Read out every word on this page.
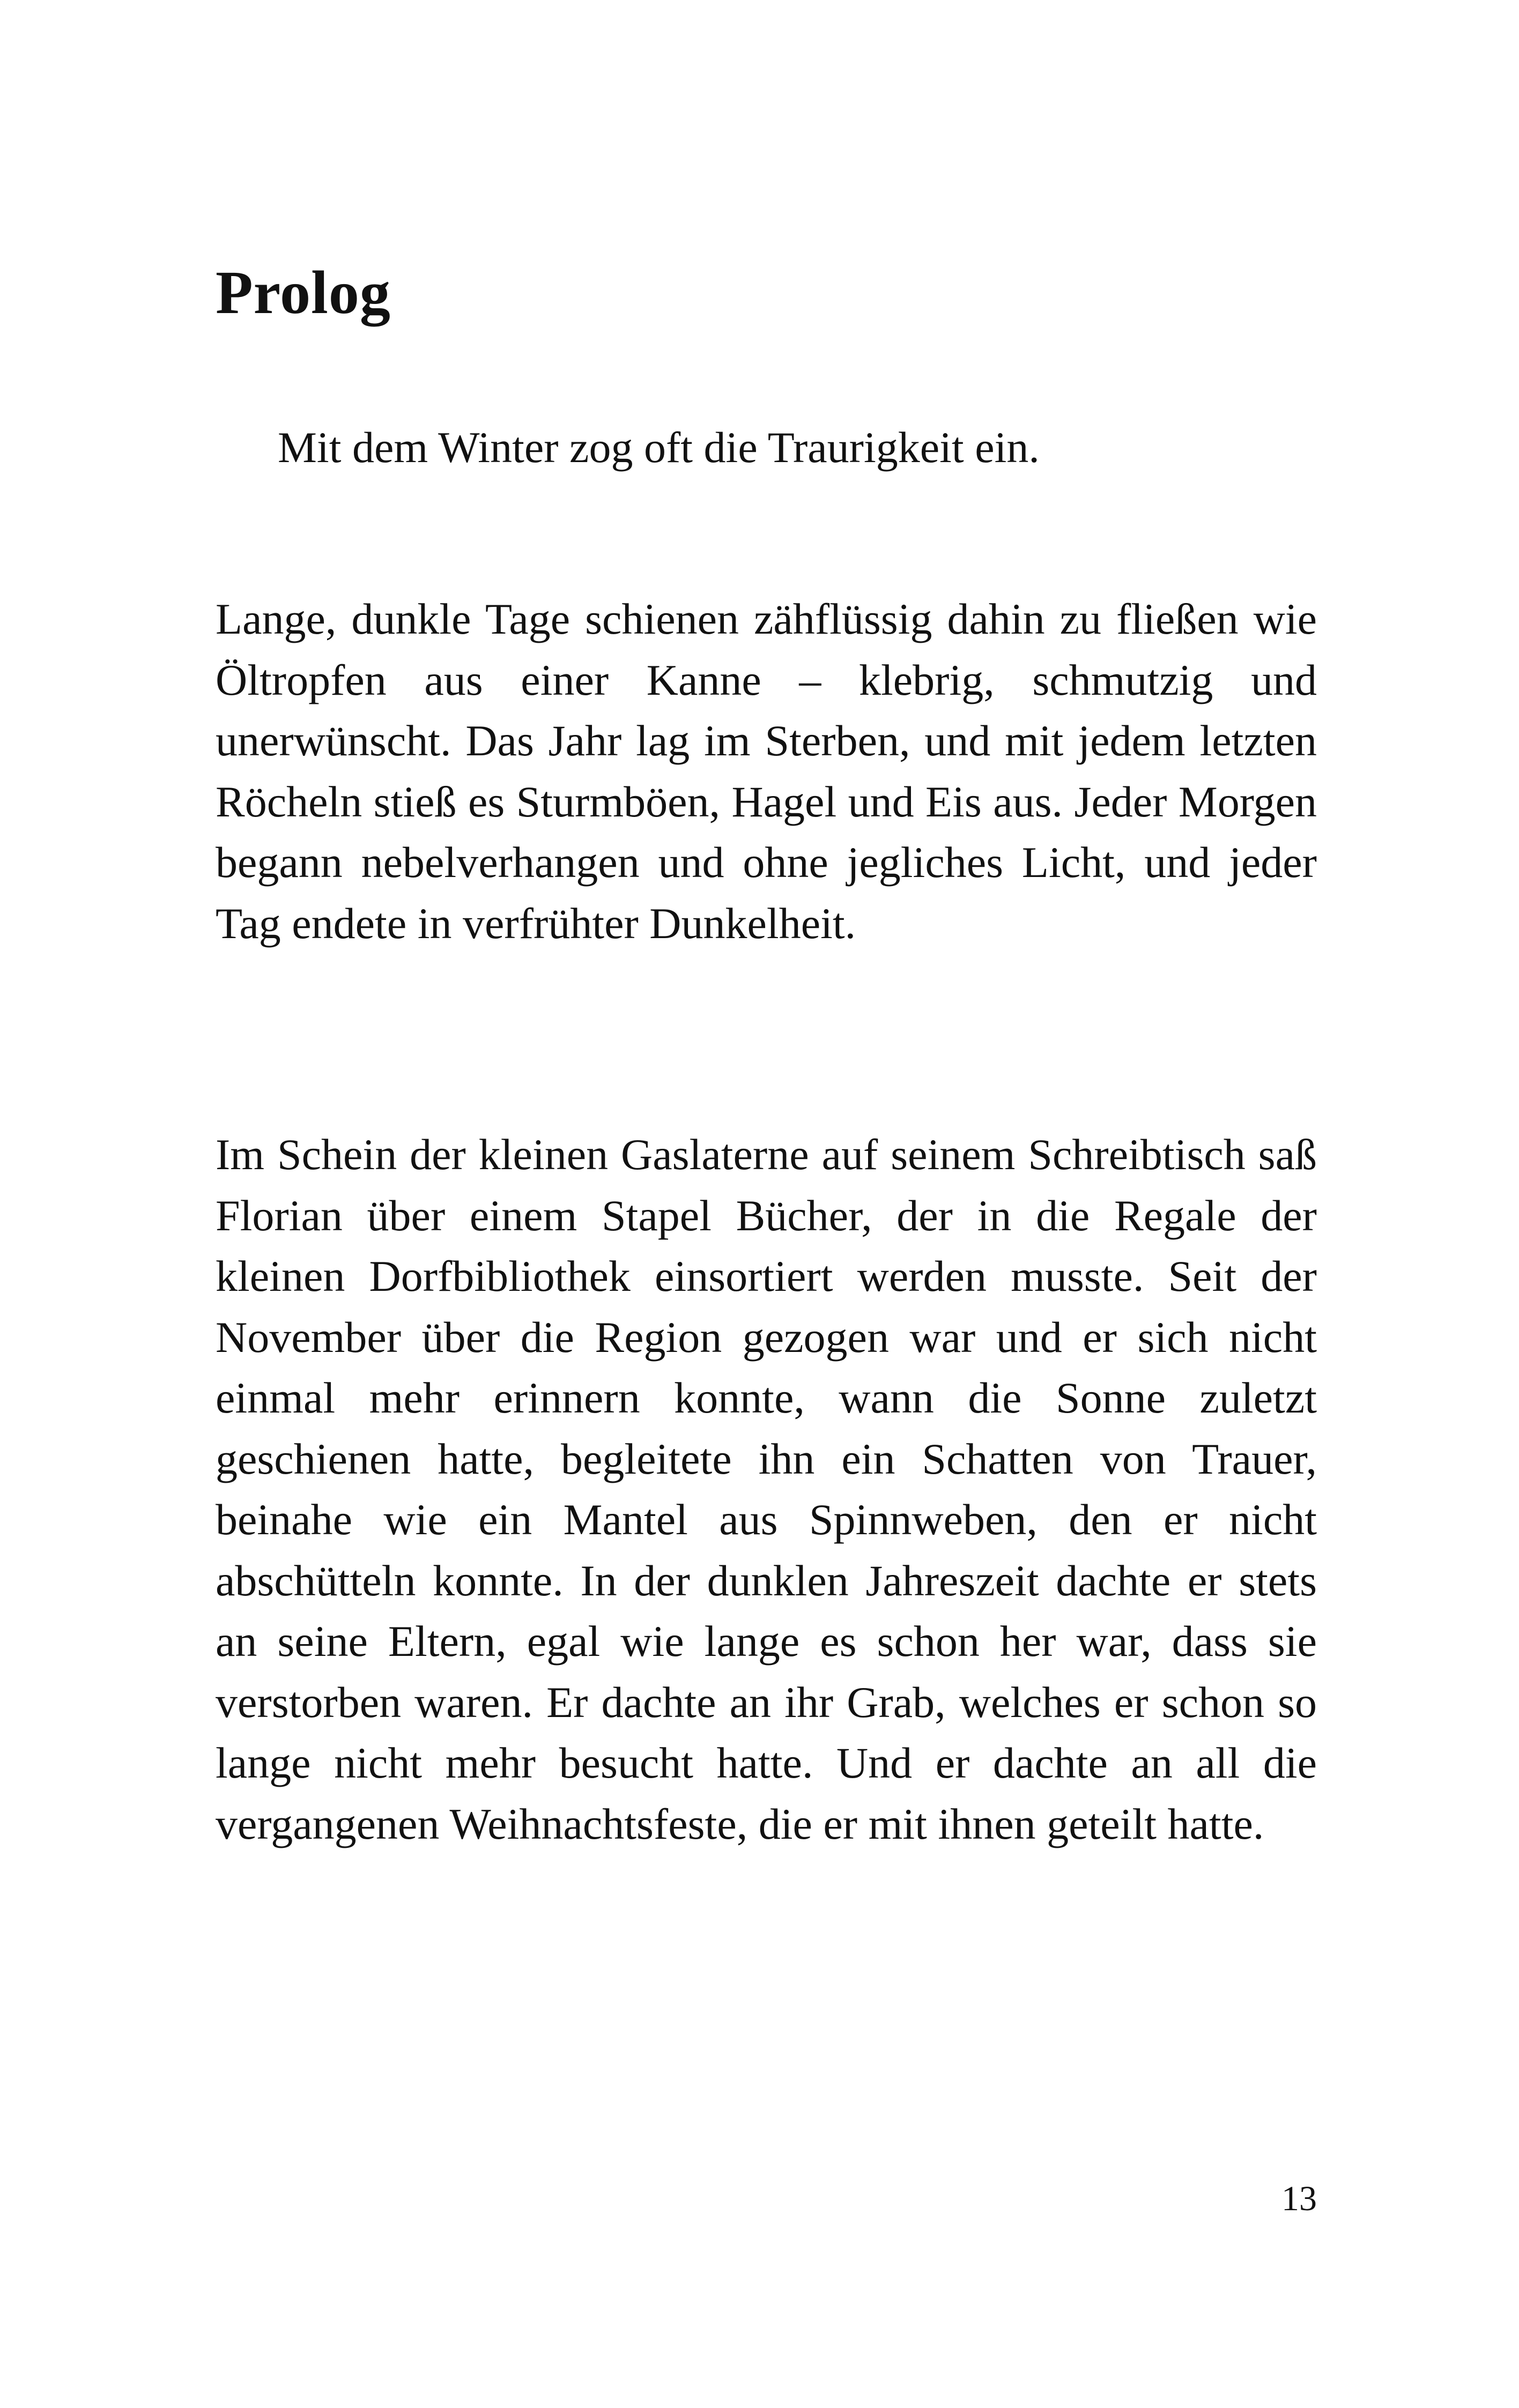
Prolog

Mit dem Winter zog oft die Traurigkeit ein.

Lange, dunkle Tage schienen zähflüssig dahin zu fließen wie Öltropfen aus einer Kanne – klebrig, schmutzig und unerwünscht. Das Jahr lag im Sterben, und mit jedem letzten Röcheln stieß es Sturmböen, Hagel und Eis aus. Jeder Morgen begann nebelverhangen und ohne jegliches Licht, und jeder Tag endete in verfrühter Dunkelheit.

Im Schein der kleinen Gaslaterne auf seinem Schreibtisch saß Florian über einem Stapel Bücher, der in die Regale der kleinen Dorfbibliothek einsortiert werden musste. Seit der November über die Region gezogen war und er sich nicht einmal mehr erinnern konnte, wann die Sonne zuletzt geschienen hatte, begleitete ihn ein Schatten von Trauer, beinahe wie ein Mantel aus Spinnweben, den er nicht abschütteln konnte. In der dunklen Jahreszeit dachte er stets an seine Eltern, egal wie lange es schon her war, dass sie verstorben waren. Er dachte an ihr Grab, welches er schon so lange nicht mehr besucht hatte. Und er dachte an all die vergangenen Weihnachtsfeste, die er mit ihnen geteilt hatte.

13
